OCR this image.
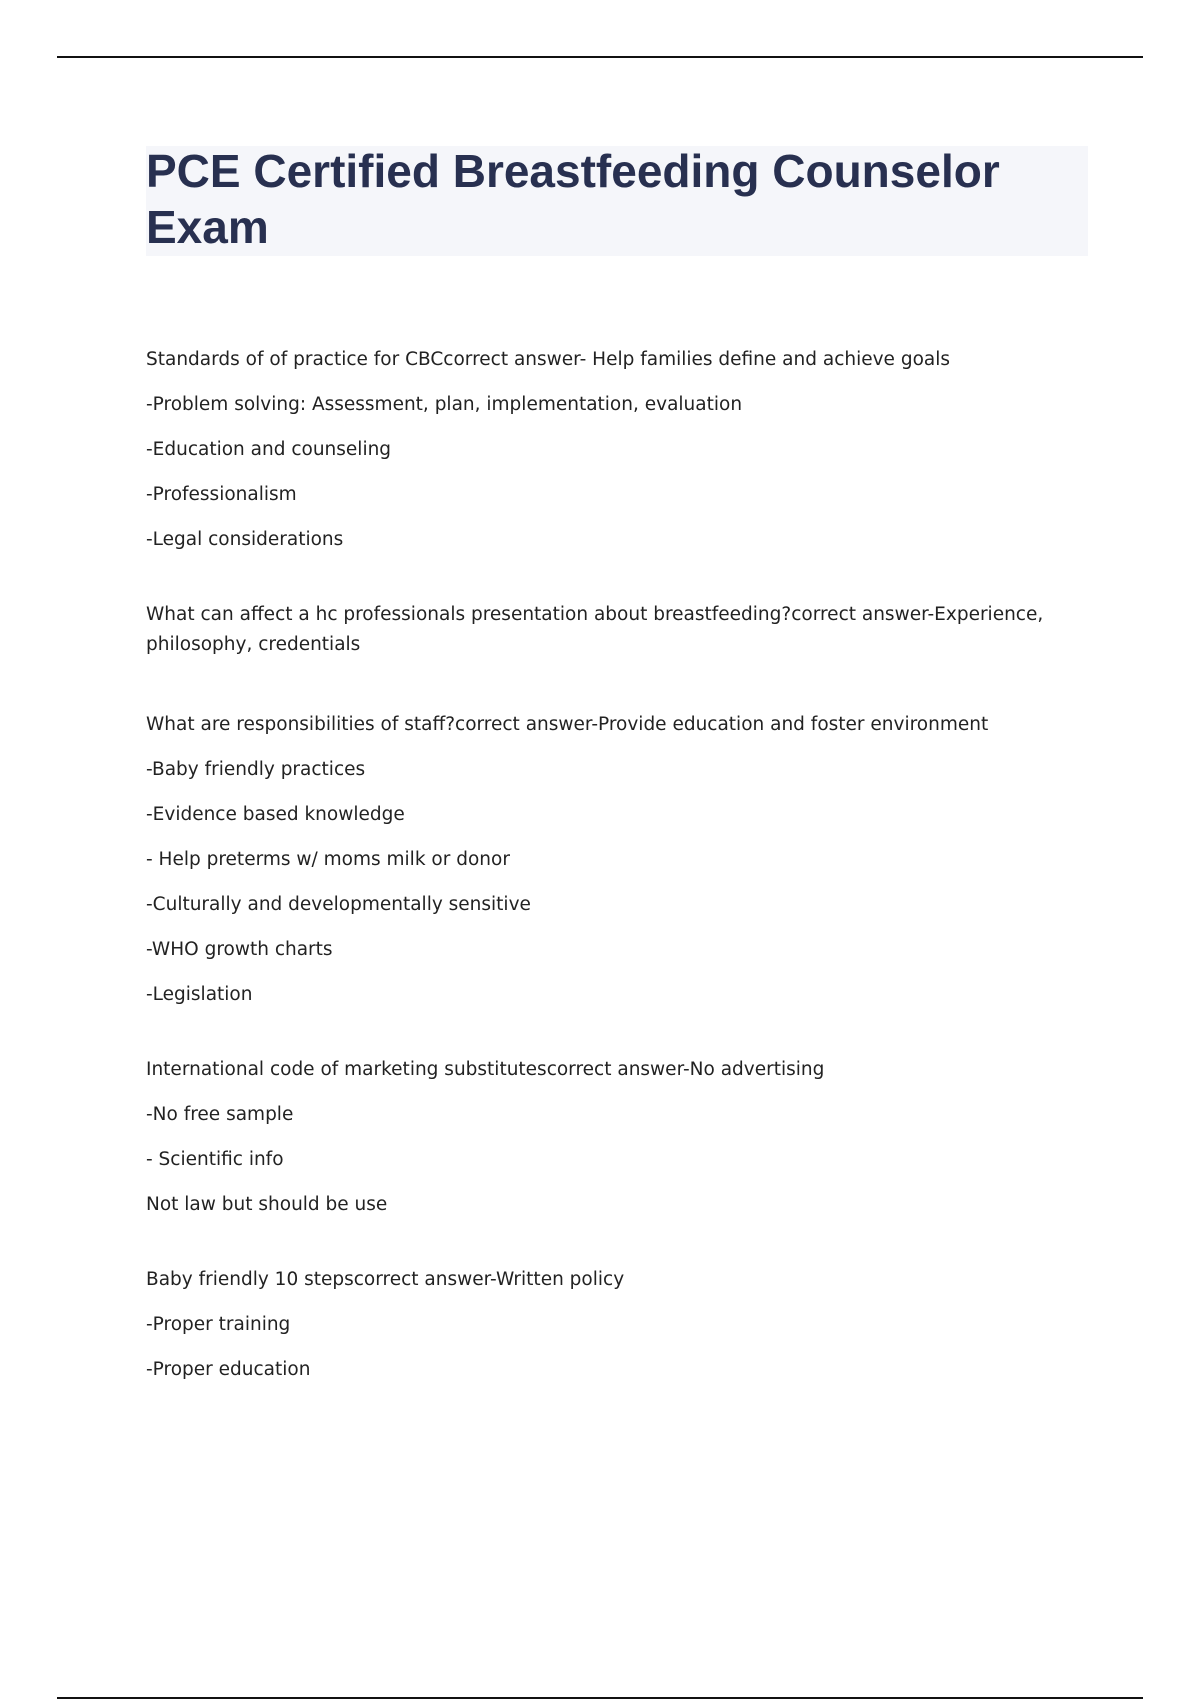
PCE Certified Breastfeeding Counselor Exam

Standards of of practice for CBCcorrect answer- Help families define and achieve goals

-Problem solving: Assessment, plan, implementation, evaluation

-Education and counseling

-Professionalism

-Legal considerations

What can affect a hc professionals presentation about breastfeeding?correct answer-Experience, philosophy, credentials

What are responsibilities of staff?correct answer-Provide education and foster environment

-Baby friendly practices

-Evidence based knowledge

- Help preterms w/ moms milk or donor

-Culturally and developmentally sensitive

-WHO growth charts

-Legislation

International code of marketing substitutescorrect answer-No advertising

-No free sample

- Scientific info

Not law but should be use

Baby friendly 10 stepscorrect answer-Written policy

-Proper training

-Proper education
